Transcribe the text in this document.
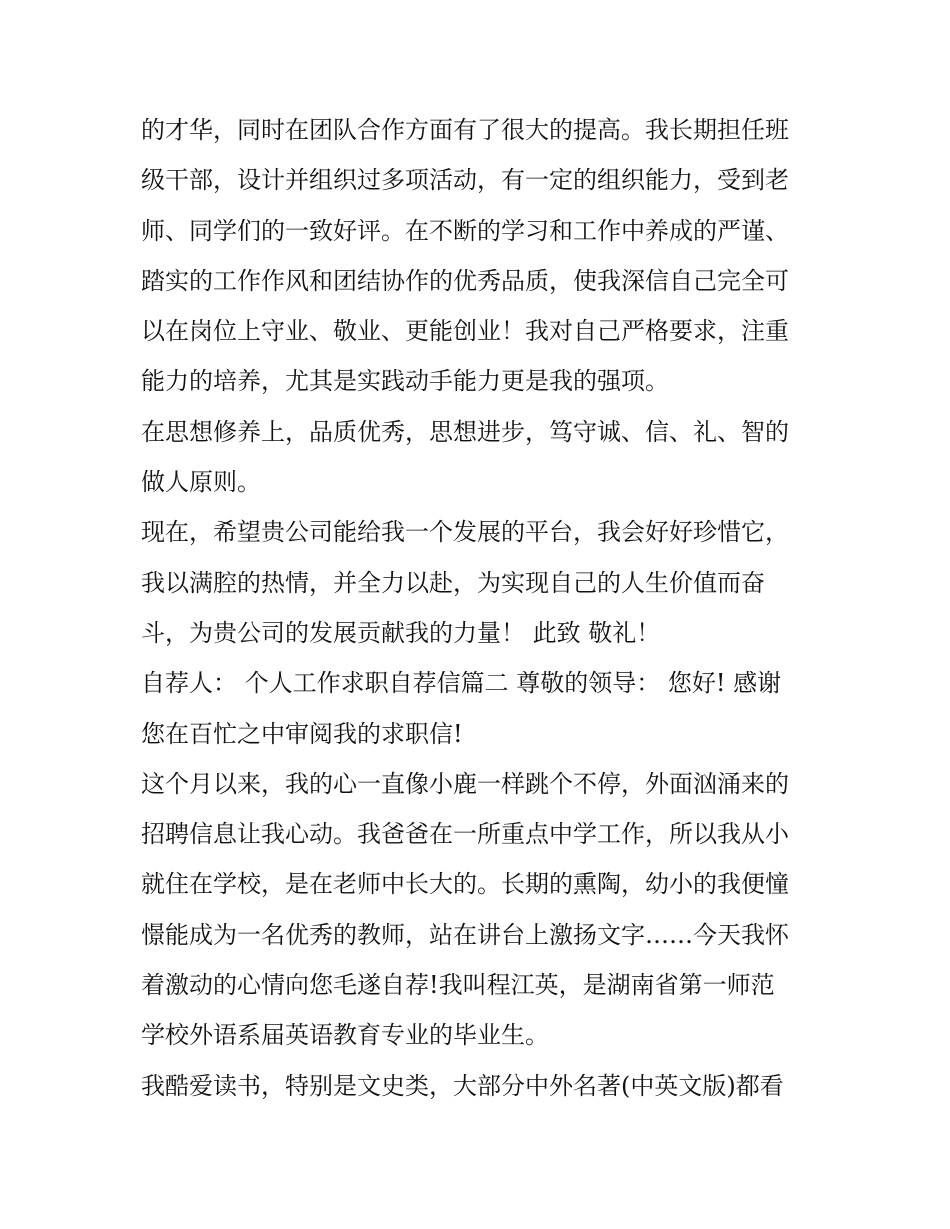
的才华，同时在团队合作方面有了很大的提高。我长期担任班
级干部，设计并组织过多项活动，有一定的组织能力，受到老
师、同学们的一致好评。在不断的学习和工作中养成的严谨、
踏实的工作作风和团结协作的优秀品质，使我深信自己完全可
以在岗位上守业、敬业、更能创业！我对自己严格要求，注重
能力的培养，尤其是实践动手能力更是我的强项。
在思想修养上，品质优秀，思想进步，笃守诚、信、礼、智的
做人原则。
现在，希望贵公司能给我一个发展的平台，我会好好珍惜它，
我以满腔的热情，并全力以赴，为实现自己的人生价值而奋
斗，为贵公司的发展贡献我的力量！ 此致 敬礼！
自荐人： 个人工作求职自荐信篇二 尊敬的领导： 您好! 感谢
您在百忙之中审阅我的求职信!
这个月以来，我的心一直像小鹿一样跳个不停，外面汹涌来的
招聘信息让我心动。我爸爸在一所重点中学工作，所以我从小
就住在学校，是在老师中长大的。长期的熏陶，幼小的我便憧
憬能成为一名优秀的教师，站在讲台上激扬文字……今天我怀
着激动的心情向您毛遂自荐!我叫程江英，是湖南省第一师范
学校外语系届英语教育专业的毕业生。
我酷爱读书，特别是文史类，大部分中外名著(中英文版)都看
